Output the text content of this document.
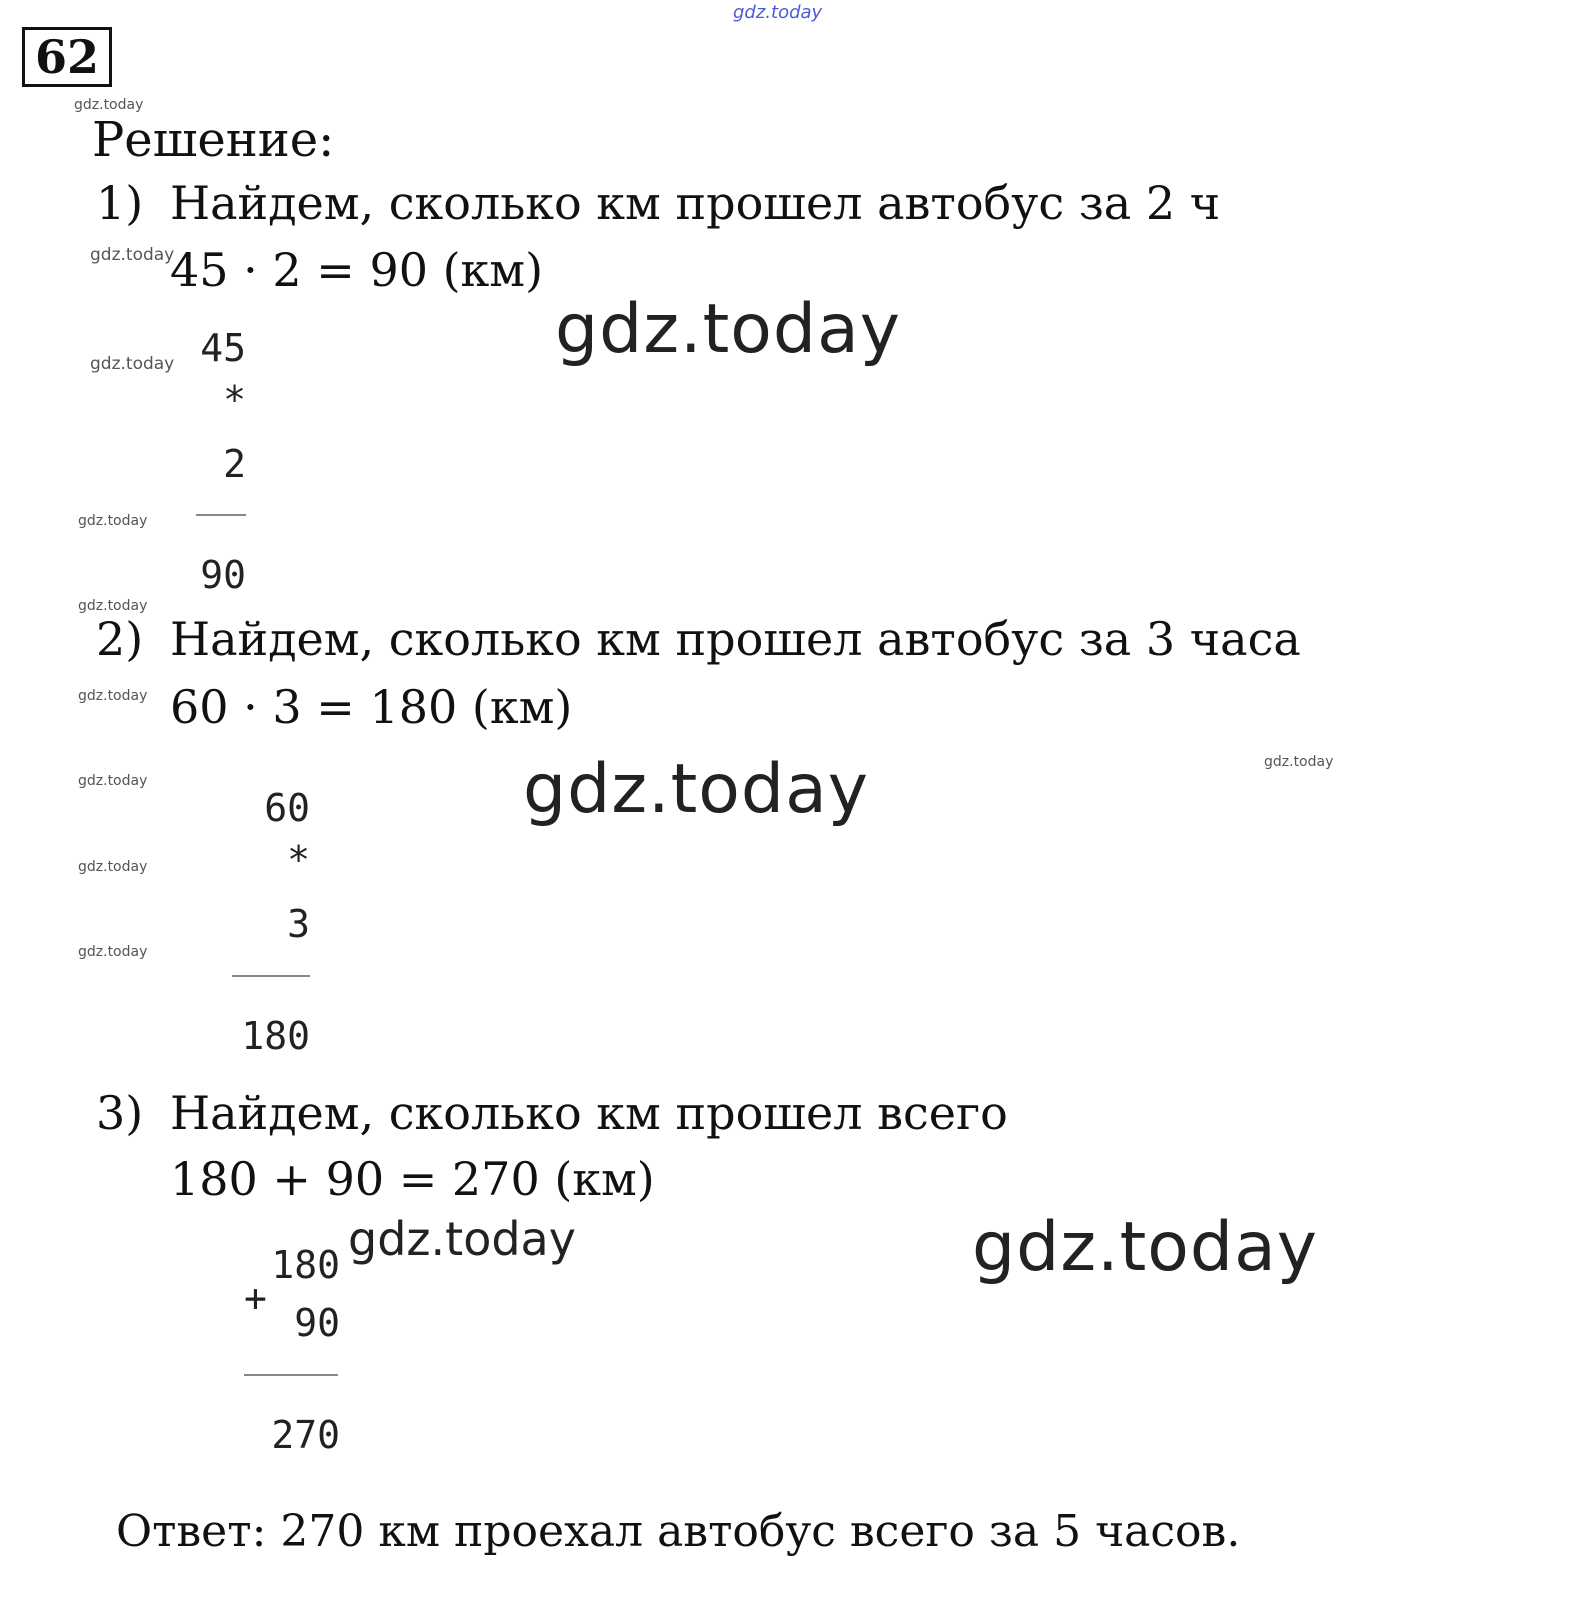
gdz.today
62
gdz.today
Решение:
1) Найдем, сколько км прошел автобус за 2 ч
gdz.today
45 · 2 = 90 (км)
gdz.today
gdz.today 45
*
2
gdz.today
90
gdz.today
2) Найдем, сколько км прошел автобус за 3 часа
gdz.today 60 · 3 = 180 (км)
gdz.today	gdz.today
gdz.today
60
gdz.today	*
gdz.today
3
180
3) Найдем, сколько км прошел всего
180 + 90 = 270 (км)
gdz.today	gdz.today
180
+
90
270
Ответ: 270 км проехал автобус всего за 5 часов.
